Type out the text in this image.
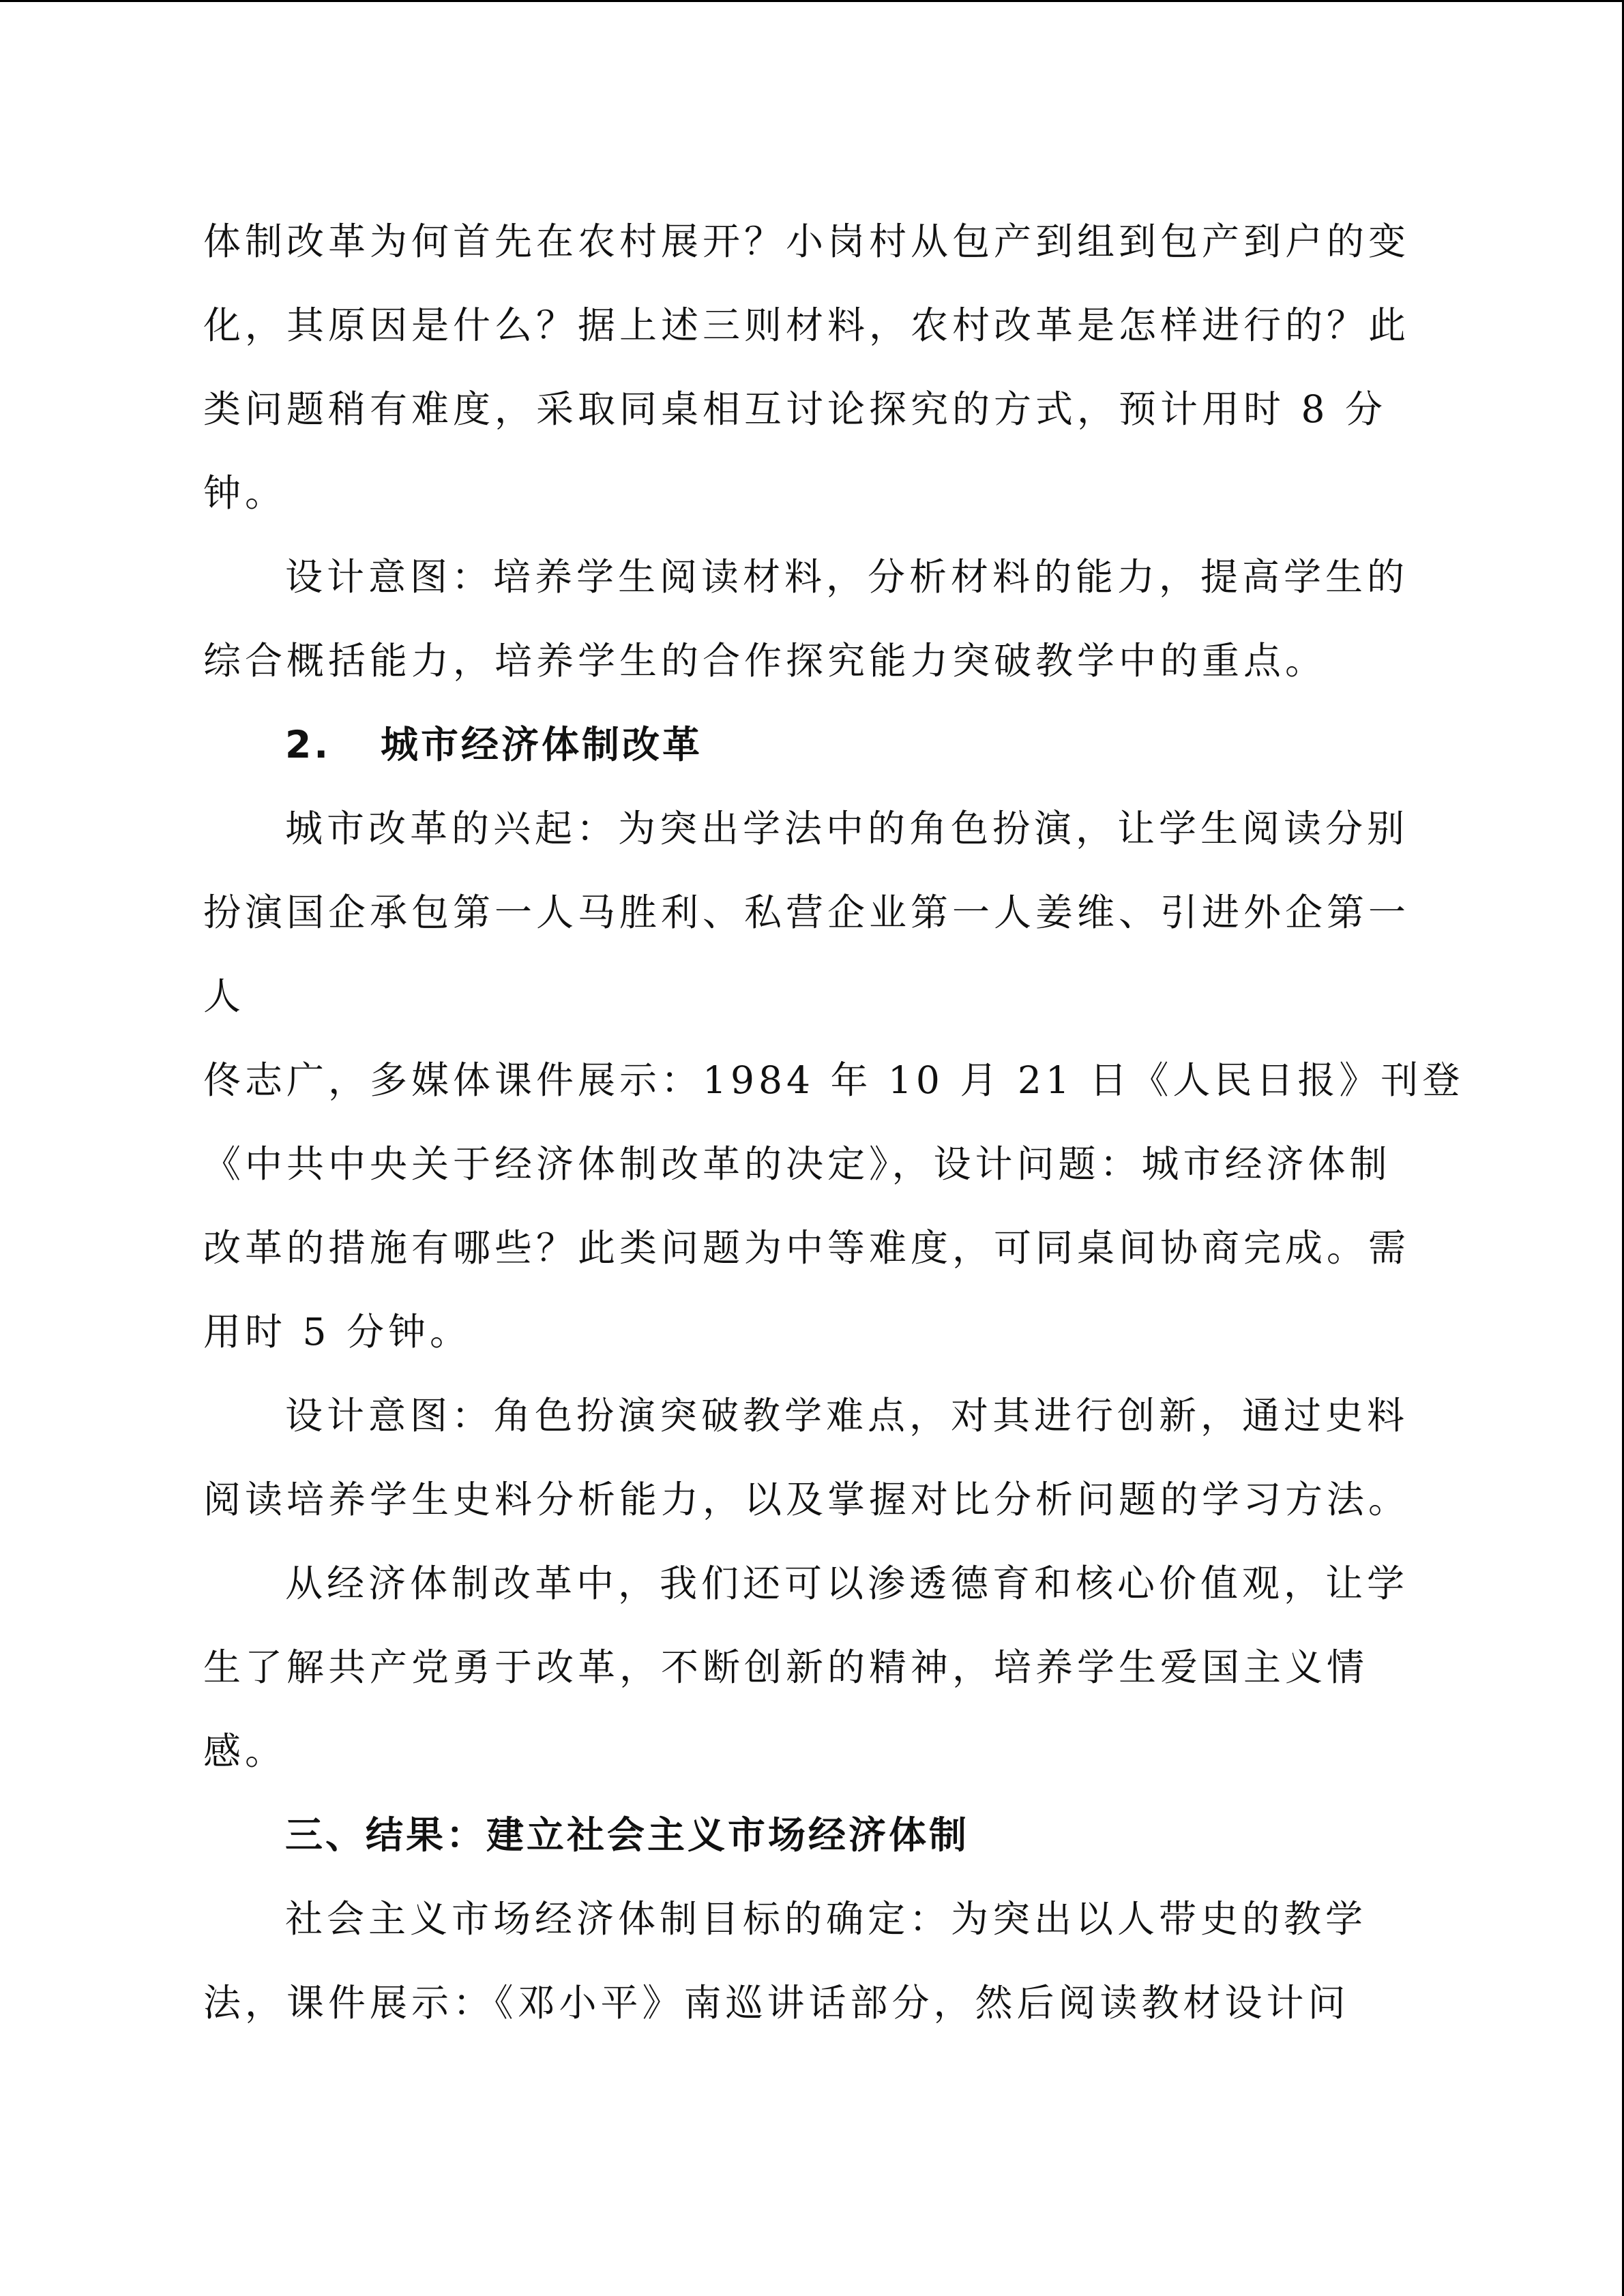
体制改革为何首先在农村展开？小岗村从包产到组到包产到户的变
化，其原因是什么？据上述三则材料，农村改革是怎样进行的？此
类问题稍有难度，采取同桌相互讨论探究的方式，预计用时 8 分
钟。
设计意图：培养学生阅读材料，分析材料的能力，提高学生的
综合概括能力，培养学生的合作探究能力突破教学中的重点。
2. 城市经济体制改革
城市改革的兴起：为突出学法中的角色扮演，让学生阅读分别
扮演国企承包第一人马胜利、私营企业第一人姜维、引进外企第一
人
佟志广，多媒体课件展示：1984 年 10 月 21 日《人民日报》刊登
《中共中央关于经济体制改革的决定》，设计问题：城市经济体制
改革的措施有哪些？此类问题为中等难度，可同桌间协商完成。需
用时 5 分钟。
设计意图：角色扮演突破教学难点，对其进行创新，通过史料
阅读培养学生史料分析能力，以及掌握对比分析问题的学习方法。
从经济体制改革中，我们还可以渗透德育和核心价值观，让学
生了解共产党勇于改革，不断创新的精神，培养学生爱国主义情
感。
三、结果：建立社会主义市场经济体制
社会主义市场经济体制目标的确定：为突出以人带史的教学
法，课件展示：《邓小平》南巡讲话部分，然后阅读教材设计问
